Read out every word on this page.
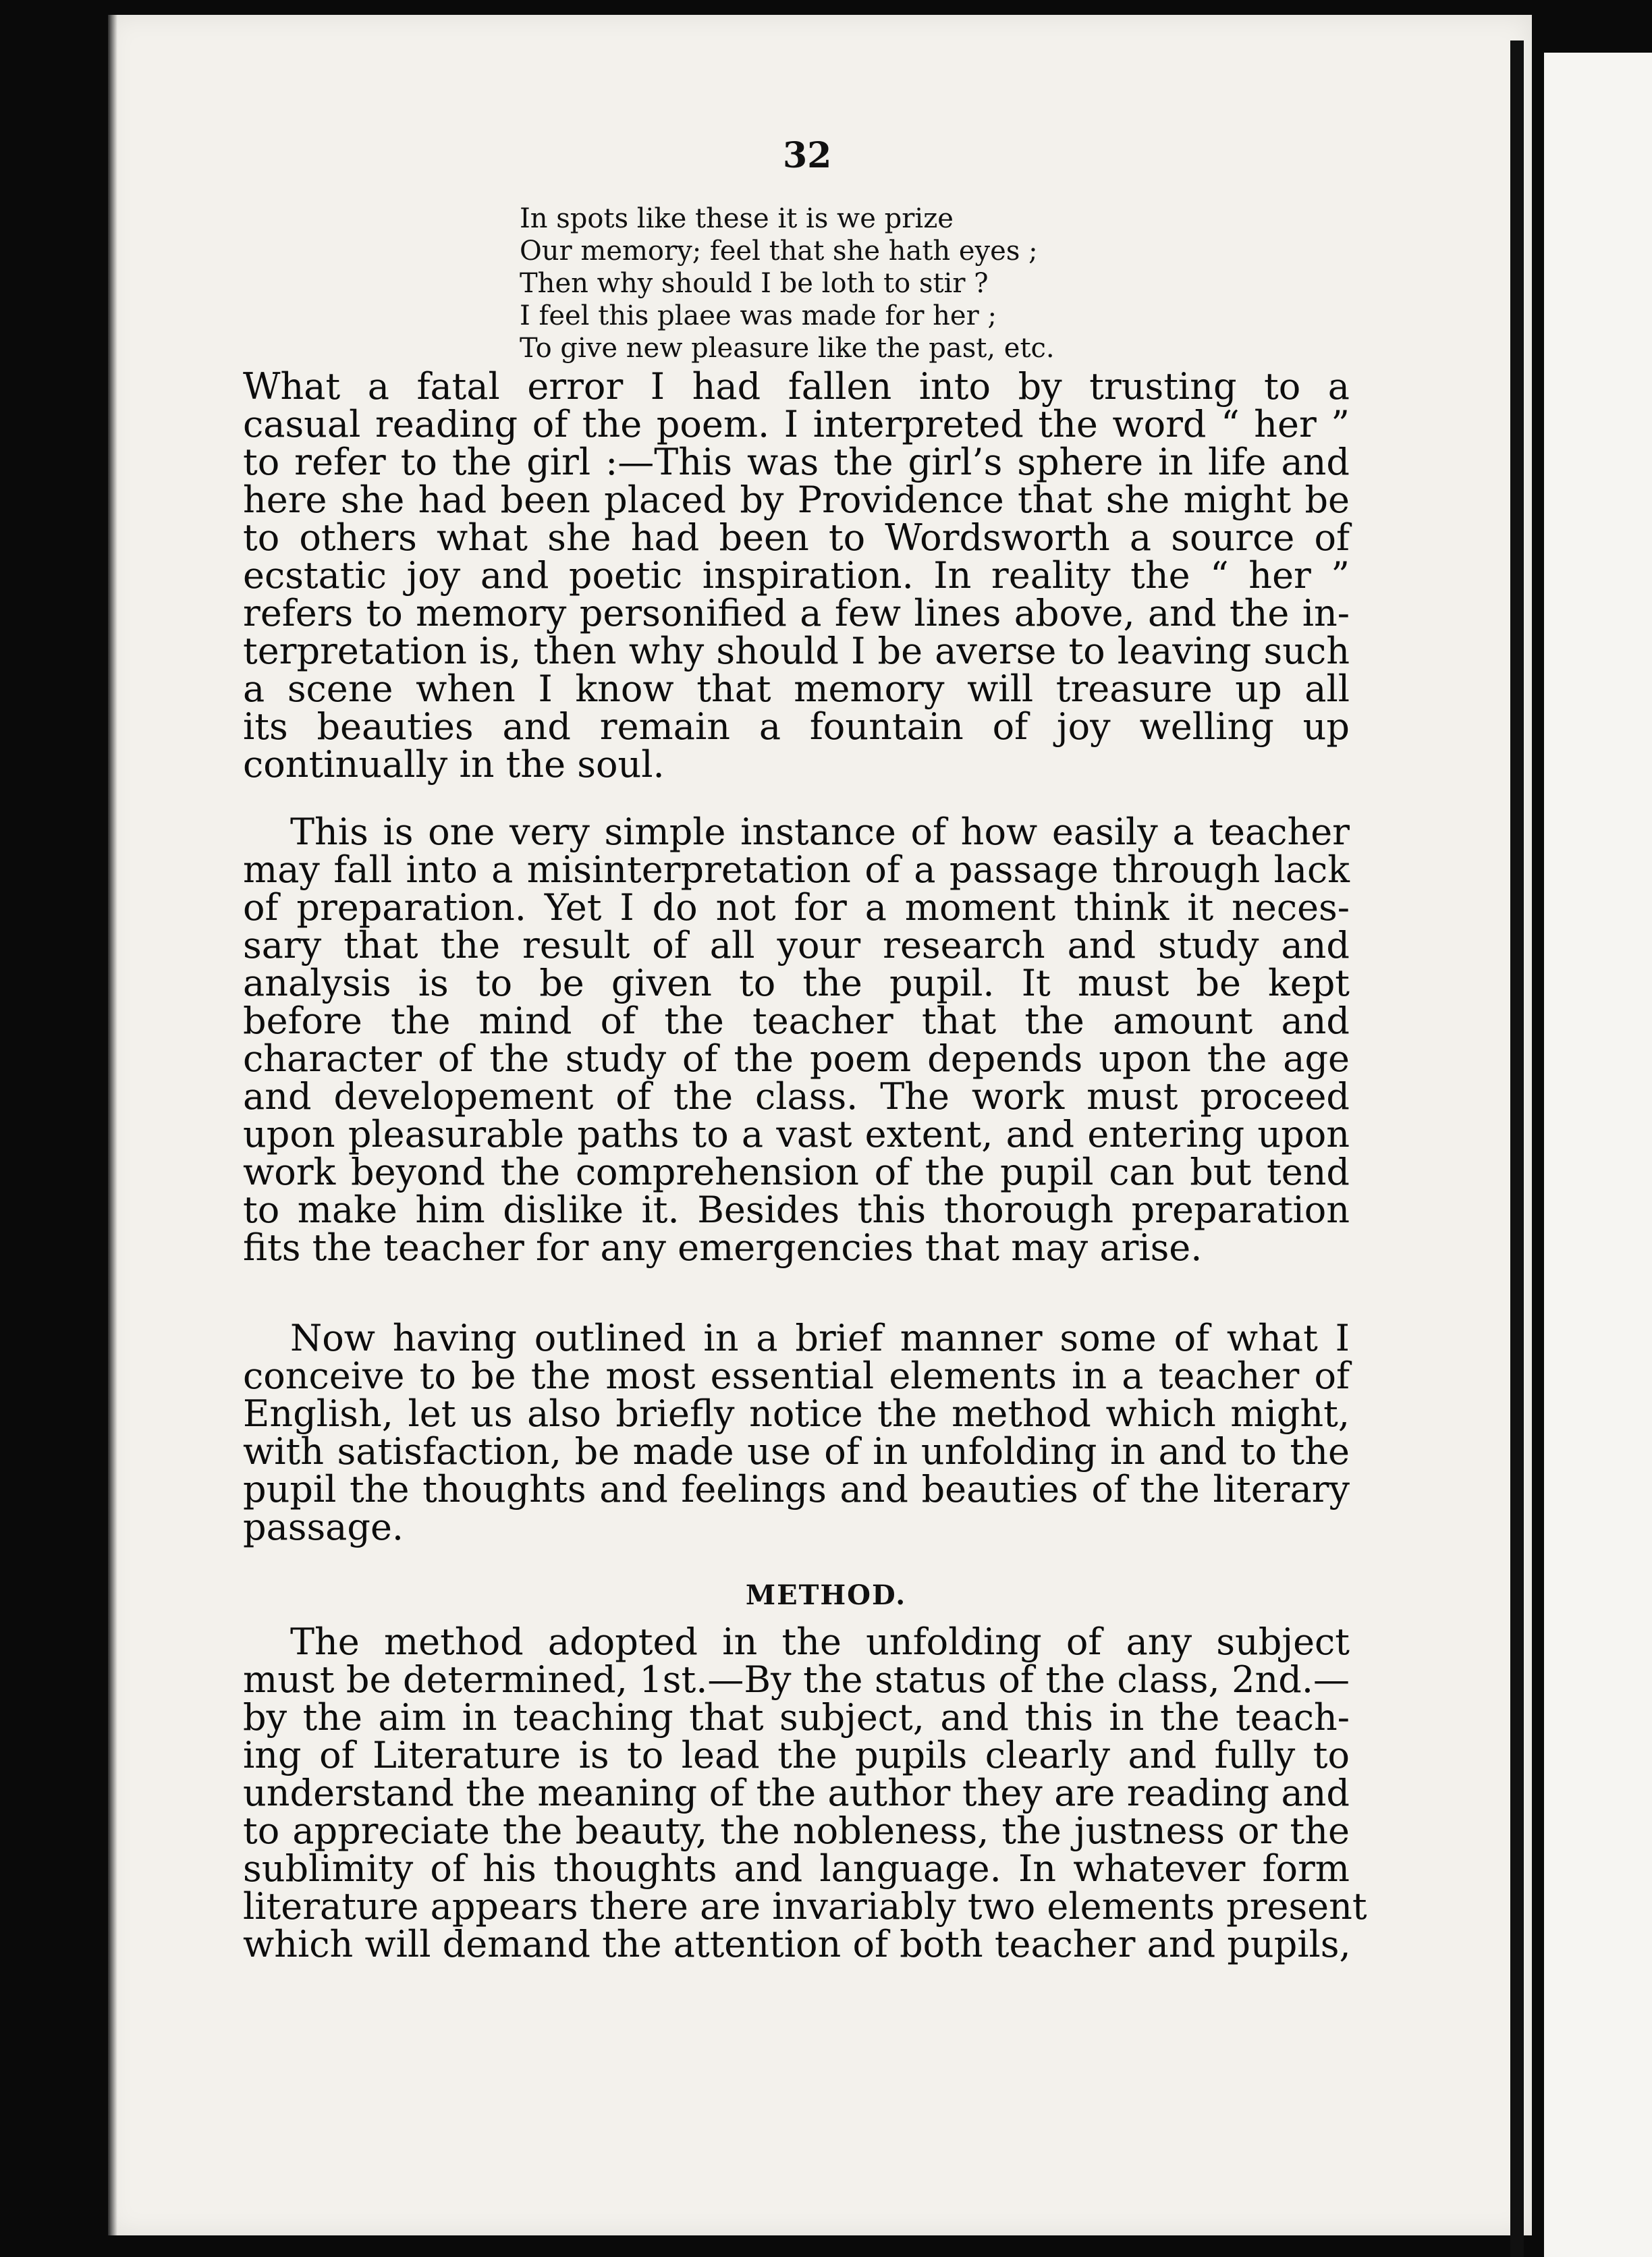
32
In spots like these it is we prize
Our memory; feel that she hath eyes ;
Then why should I be loth to stir ?
I feel this plaee was made for her ;
To give new pleasure like the past, etc.
What a fatal error I had fallen into by trusting to a
casual reading of the poem. I interpreted the word “ her ”
to refer to the girl :—This was the girl’s sphere in life and
here she had been placed by Providence that she might be
to others what she had been to Wordsworth a source of
ecstatic joy and poetic inspiration. In reality the “ her ”
refers to memory personified a few lines above, and the in-
terpretation is, then why should I be averse to leaving such
a scene when I know that memory will treasure up all
its beauties and remain a fountain of joy welling up
continually in the soul.
This is one very simple instance of how easily a teacher
may fall into a misinterpretation of a passage through lack
of preparation. Yet I do not for a moment think it neces-
sary that the result of all your research and study and
analysis is to be given to the pupil. It must be kept
before the mind of the teacher that the amount and
character of the study of the poem depends upon the age
and developement of the class. The work must proceed
upon pleasurable paths to a vast extent, and entering upon
work beyond the comprehension of the pupil can but tend
to make him dislike it. Besides this thorough preparation
fits the teacher for any emergencies that may arise.
Now having outlined in a brief manner some of what I
conceive to be the most essential elements in a teacher of
English, let us also briefly notice the method which might,
with satisfaction, be made use of in unfolding in and to the
pupil the thoughts and feelings and beauties of the literary
passage.
METHOD.
The method adopted in the unfolding of any subject
must be determined, 1st.—By the status of the class, 2nd.—
by the aim in teaching that subject, and this in the teach-
ing of Literature is to lead the pupils clearly and fully to
understand the meaning of the author they are reading and
to appreciate the beauty, the nobleness, the justness or the
sublimity of his thoughts and language. In whatever form
literature appears there are invariably two elements present
which will demand the attention of both teacher and pupils,
